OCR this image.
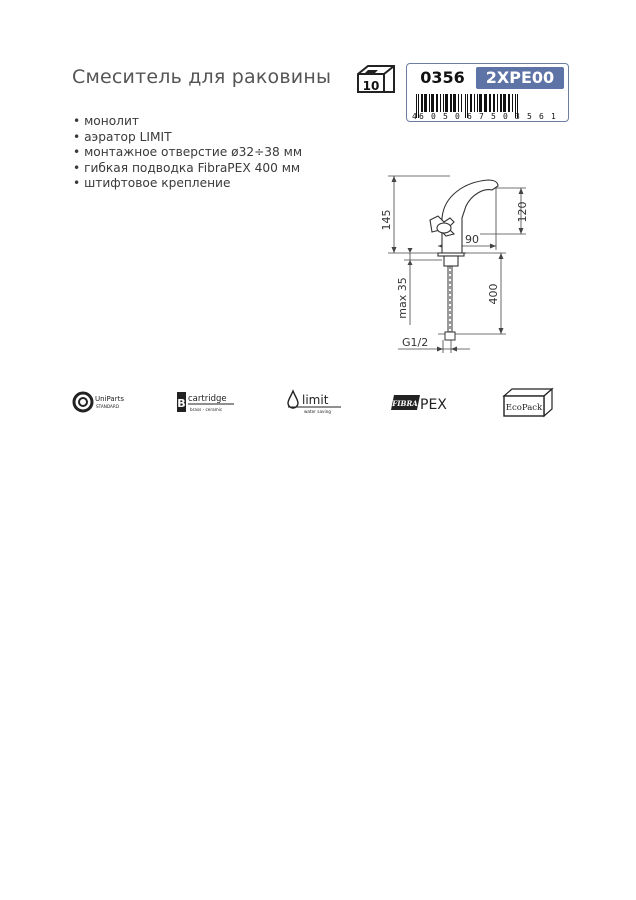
Смеситель для раковины
• монолит
• аэратор LIMIT
• монтажное отверстие ø32÷38 мм
• гибкая подводка FibraPEX 400 мм
• штифтовое крепление
10	0356	2XPE00
4 6 0 5 0 6 7 5 0 3 5 6 1
145	120
90
max 35	400
G1/2
UniParts
STANDARD	B cartridge
brass - ceramic
limit
water saving
FIBRA PEX	EcoPack
